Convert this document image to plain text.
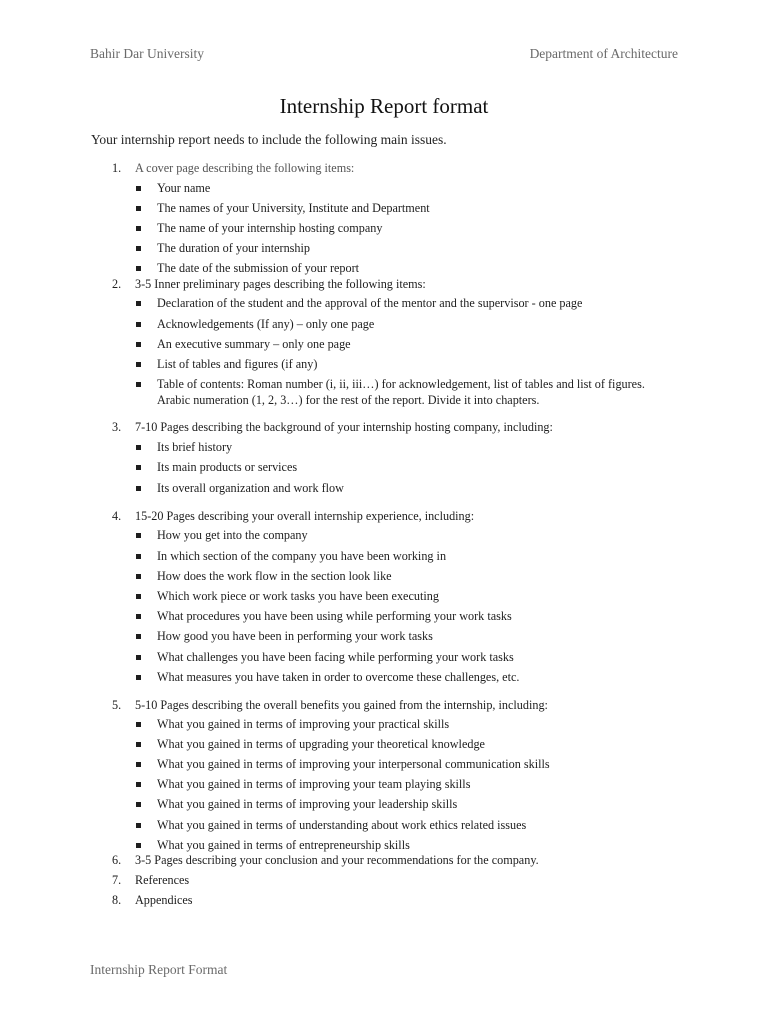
Bahir Dar University	Department of Architecture
Internship Report format
Your internship report needs to include the following main issues.
1. A cover page describing the following items:
Your name
The names of your University, Institute and Department
The name of your internship hosting company
The duration of your internship
The date of the submission of your report
2. 3-5 Inner preliminary pages describing the following items:
Declaration of the student and the approval of the mentor and the supervisor - one page
Acknowledgements (If any) – only one page
An executive summary – only one page
List of tables and figures (if any)
Table of contents: Roman number (i, ii, iii…) for acknowledgement, list of tables and list of figures.
Arabic numeration (1, 2, 3…) for the rest of the report. Divide it into chapters.
3. 7-10 Pages describing the background of your internship hosting company, including:
Its brief history
Its main products or services
Its overall organization and work flow
4. 15-20 Pages describing your overall internship experience, including:
How you get into the company
In which section of the company you have been working in
How does the work flow in the section look like
Which work piece or work tasks you have been executing
What procedures you have been using while performing your work tasks
How good you have been in performing your work tasks
What challenges you have been facing while performing your work tasks
What measures you have taken in order to overcome these challenges, etc.
5. 5-10 Pages describing the overall benefits you gained from the internship, including:
What you gained in terms of improving your practical skills
What you gained in terms of upgrading your theoretical knowledge
What you gained in terms of improving your interpersonal communication skills
What you gained in terms of improving your team playing skills
What you gained in terms of improving your leadership skills
What you gained in terms of understanding about work ethics related issues
What you gained in terms of entrepreneurship skills
6. 3-5 Pages describing your conclusion and your recommendations for the company.
7. References
8. Appendices
Internship Report Format
